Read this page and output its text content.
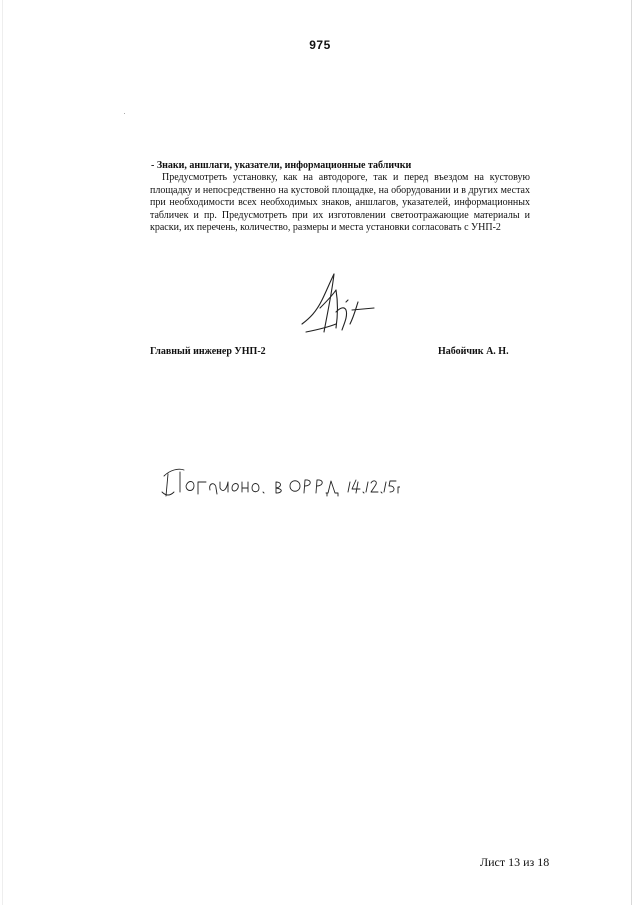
975

- Знаки, аншлаги, указатели, информационные таблички

Предусмотреть установку, как на автодороге, так и перед въездом на кустовую площадку и непосредственно на кустовой площадке, на оборудовании и в других местах при необходимости всех необходимых знаков, аншлагов, указателей, информационных табличек и пр. Предусмотреть при их изготовлении светоотражающие материалы и краски, их перечень, количество, размеры и места установки согласовать с УНП-2

Главный инженер УНП-2	Набойчик А. Н.
Лист 13 из 18
